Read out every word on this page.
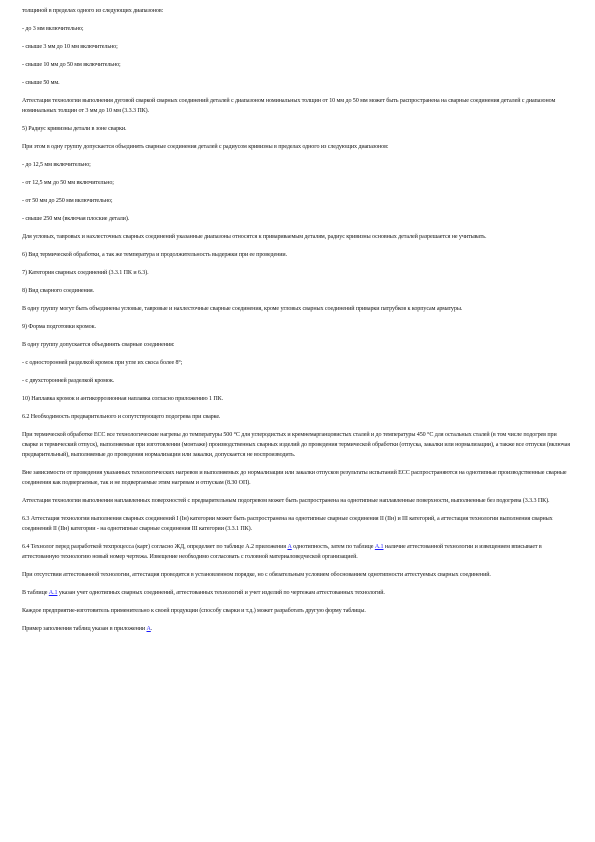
толщиной в пределах одного из следующих диапазонов:

- до 3 мм включительно;

- свыше 3 мм до 10 мм включительно;

- свыше 10 мм до 50 мм включительно;

- свыше 50 мм.

Аттестация технологии выполнения дуговой сваркой сварных соединений деталей с диапазоном номинальных толщин от 10 мм до 50 мм может быть распространена на сварные соединения деталей с диапазоном номинальных толщин от 3 мм до 10 мм (3.3.3 ПК).

5) Радиус кривизны детали в зоне сварки.

При этом в одну группу допускается объединять сварные соединения деталей с радиусом кривизны в пределах одного из следующих диапазонов:

- до 12,5 мм включительно;

- от 12,5 мм до 50 мм включительно;

- от 50 мм до 250 мм включительно;

- свыше 250 мм (включая плоские детали).

Для угловых, тавровых и нахлесточных сварных соединений указанные диапазоны относятся к привариваемым деталям, радиус кривизны основных деталей разрешается не учитывать.

6) Вид термической обработки, а так же температура и продолжительность выдержки при ее проведении.

7) Категория сварных соединений (3.3.1 ПК и 6.3).

8) Вид сварного соединения.

В одну группу могут быть объединены угловые, тавровые и нахлесточные сварные соединения, кроме угловых сварных соединений приварки патрубков к корпусам арматуры.

9) Форма подготовки кромок.

В одну группу допускается объединять сварные соединения:

- с односторонней разделкой кромок при угле их скоса более 8°;

- с двухсторонней разделкой кромок.

10) Наплавка кромок и антикоррозионная наплавка согласно приложению 1 ПК.

6.2 Необходимость предварительного и сопутствующего подогрева при сварке.

При термической обработке ЕСС все технологические нагревы до температуры 500 °С для углеродистых и кремнемарганцовистых сталей и до температуры 450 °С для остальных сталей (в том числе подогрев при сварке и термический отпуск), выполняемые при изготовлении (монтаже) производственных сварных изделий до проведения термической обработки (отпуска, закалки или нормализации), а также все отпуски (включая предварительный), выполняемые до проведения нормализации или закалки, допускается не воспроизводить.

Вне зависимости от проведения указанных технологических нагревов и выполняемых до нормализации или закалки отпусков результаты испытаний ЕСС распространяются на однотипные производственные сварные соединения как подвергаемые, так и не подвергаемые этим нагревам и отпускам (8.30 ОП).

Аттестация технологии выполнения наплавленных поверхностей с предварительным подогревом может быть распространена на однотипные наплавленные поверхности, выполненные без подогрева (3.3.3 ПК).

6.3 Аттестация технологии выполнения сварных соединений I (Iн) категории может быть распространена на однотипные сварные соединения II (IIн) и III категорий, а аттестация технологии выполнения сварных соединений II (IIн) категории - на однотипные сварные соединения III категории (3.3.1 ПК).

6.4 Технолог перед разработкой техпроцесса (карт) согласно ЖД, определяет по таблице А.2 приложения А однотипность, затем по таблице А.1 наличие аттестованной технологии и извещением вписывает в аттестованную технологию новый номер чертежа. Извещение необходимо согласовать с головной материаловедческой организацией.

При отсутствии аттестованной технологии, аттестация проводится в установленном порядке, но с обязательным условием обоснованием однотипности аттестуемых сварных соединений.

В таблице А.1 указан учет однотипных сварных соединений, аттестованных технологий и учет изделий по чертежам аттестованных технологий.

Каждое предприятие-изготовитель применительно к своей продукции (способу сварки и т.д.) может разработать другую форму таблицы.

Пример заполнения таблиц указан в приложении А.
